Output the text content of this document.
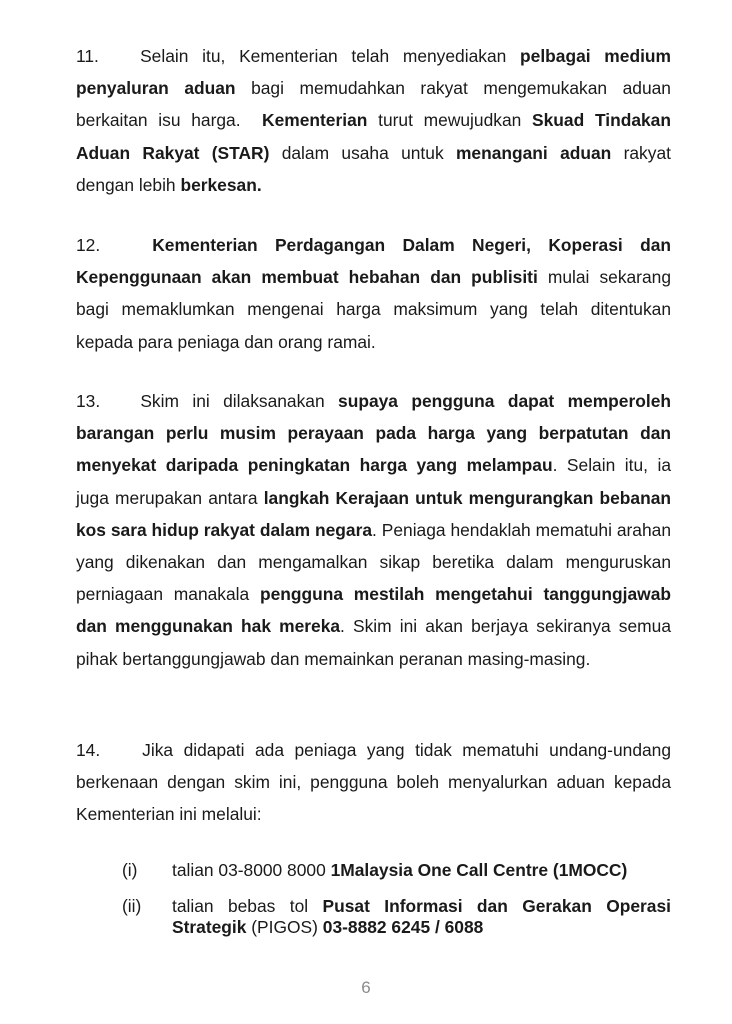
11. Selain itu, Kementerian telah menyediakan pelbagai medium penyaluran aduan bagi memudahkan rakyat mengemukakan aduan berkaitan isu harga. Kementerian turut mewujudkan Skuad Tindakan Aduan Rakyat (STAR) dalam usaha untuk menangani aduan rakyat dengan lebih berkesan.
12.	Kementerian Perdagangan Dalam Negeri, Koperasi dan Kepenggunaan akan membuat hebahan dan publisiti mulai sekarang bagi memaklumkan mengenai harga maksimum yang telah ditentukan kepada para peniaga dan orang ramai.
13. Skim ini dilaksanakan supaya pengguna dapat memperoleh barangan perlu musim perayaan pada harga yang berpatutan dan menyekat daripada peningkatan harga yang melampau. Selain itu, ia juga merupakan antara langkah Kerajaan untuk mengurangkan bebanan kos sara hidup rakyat dalam negara. Peniaga hendaklah mematuhi arahan yang dikenakan dan mengamalkan sikap beretika dalam menguruskan perniagaan manakala pengguna mestilah mengetahui tanggungjawab dan menggunakan hak mereka. Skim ini akan berjaya sekiranya semua pihak bertanggungjawab dan memainkan peranan masing-masing.
14. Jika didapati ada peniaga yang tidak mematuhi undang-undang berkenaan dengan skim ini, pengguna boleh menyalurkan aduan kepada Kementerian ini melalui:
(i) talian 03-8000 8000 1Malaysia One Call Centre (1MOCC)
(ii) talian bebas tol Pusat Informasi dan Gerakan Operasi Strategik (PIGOS) 03-8882 6245 / 6088
6
